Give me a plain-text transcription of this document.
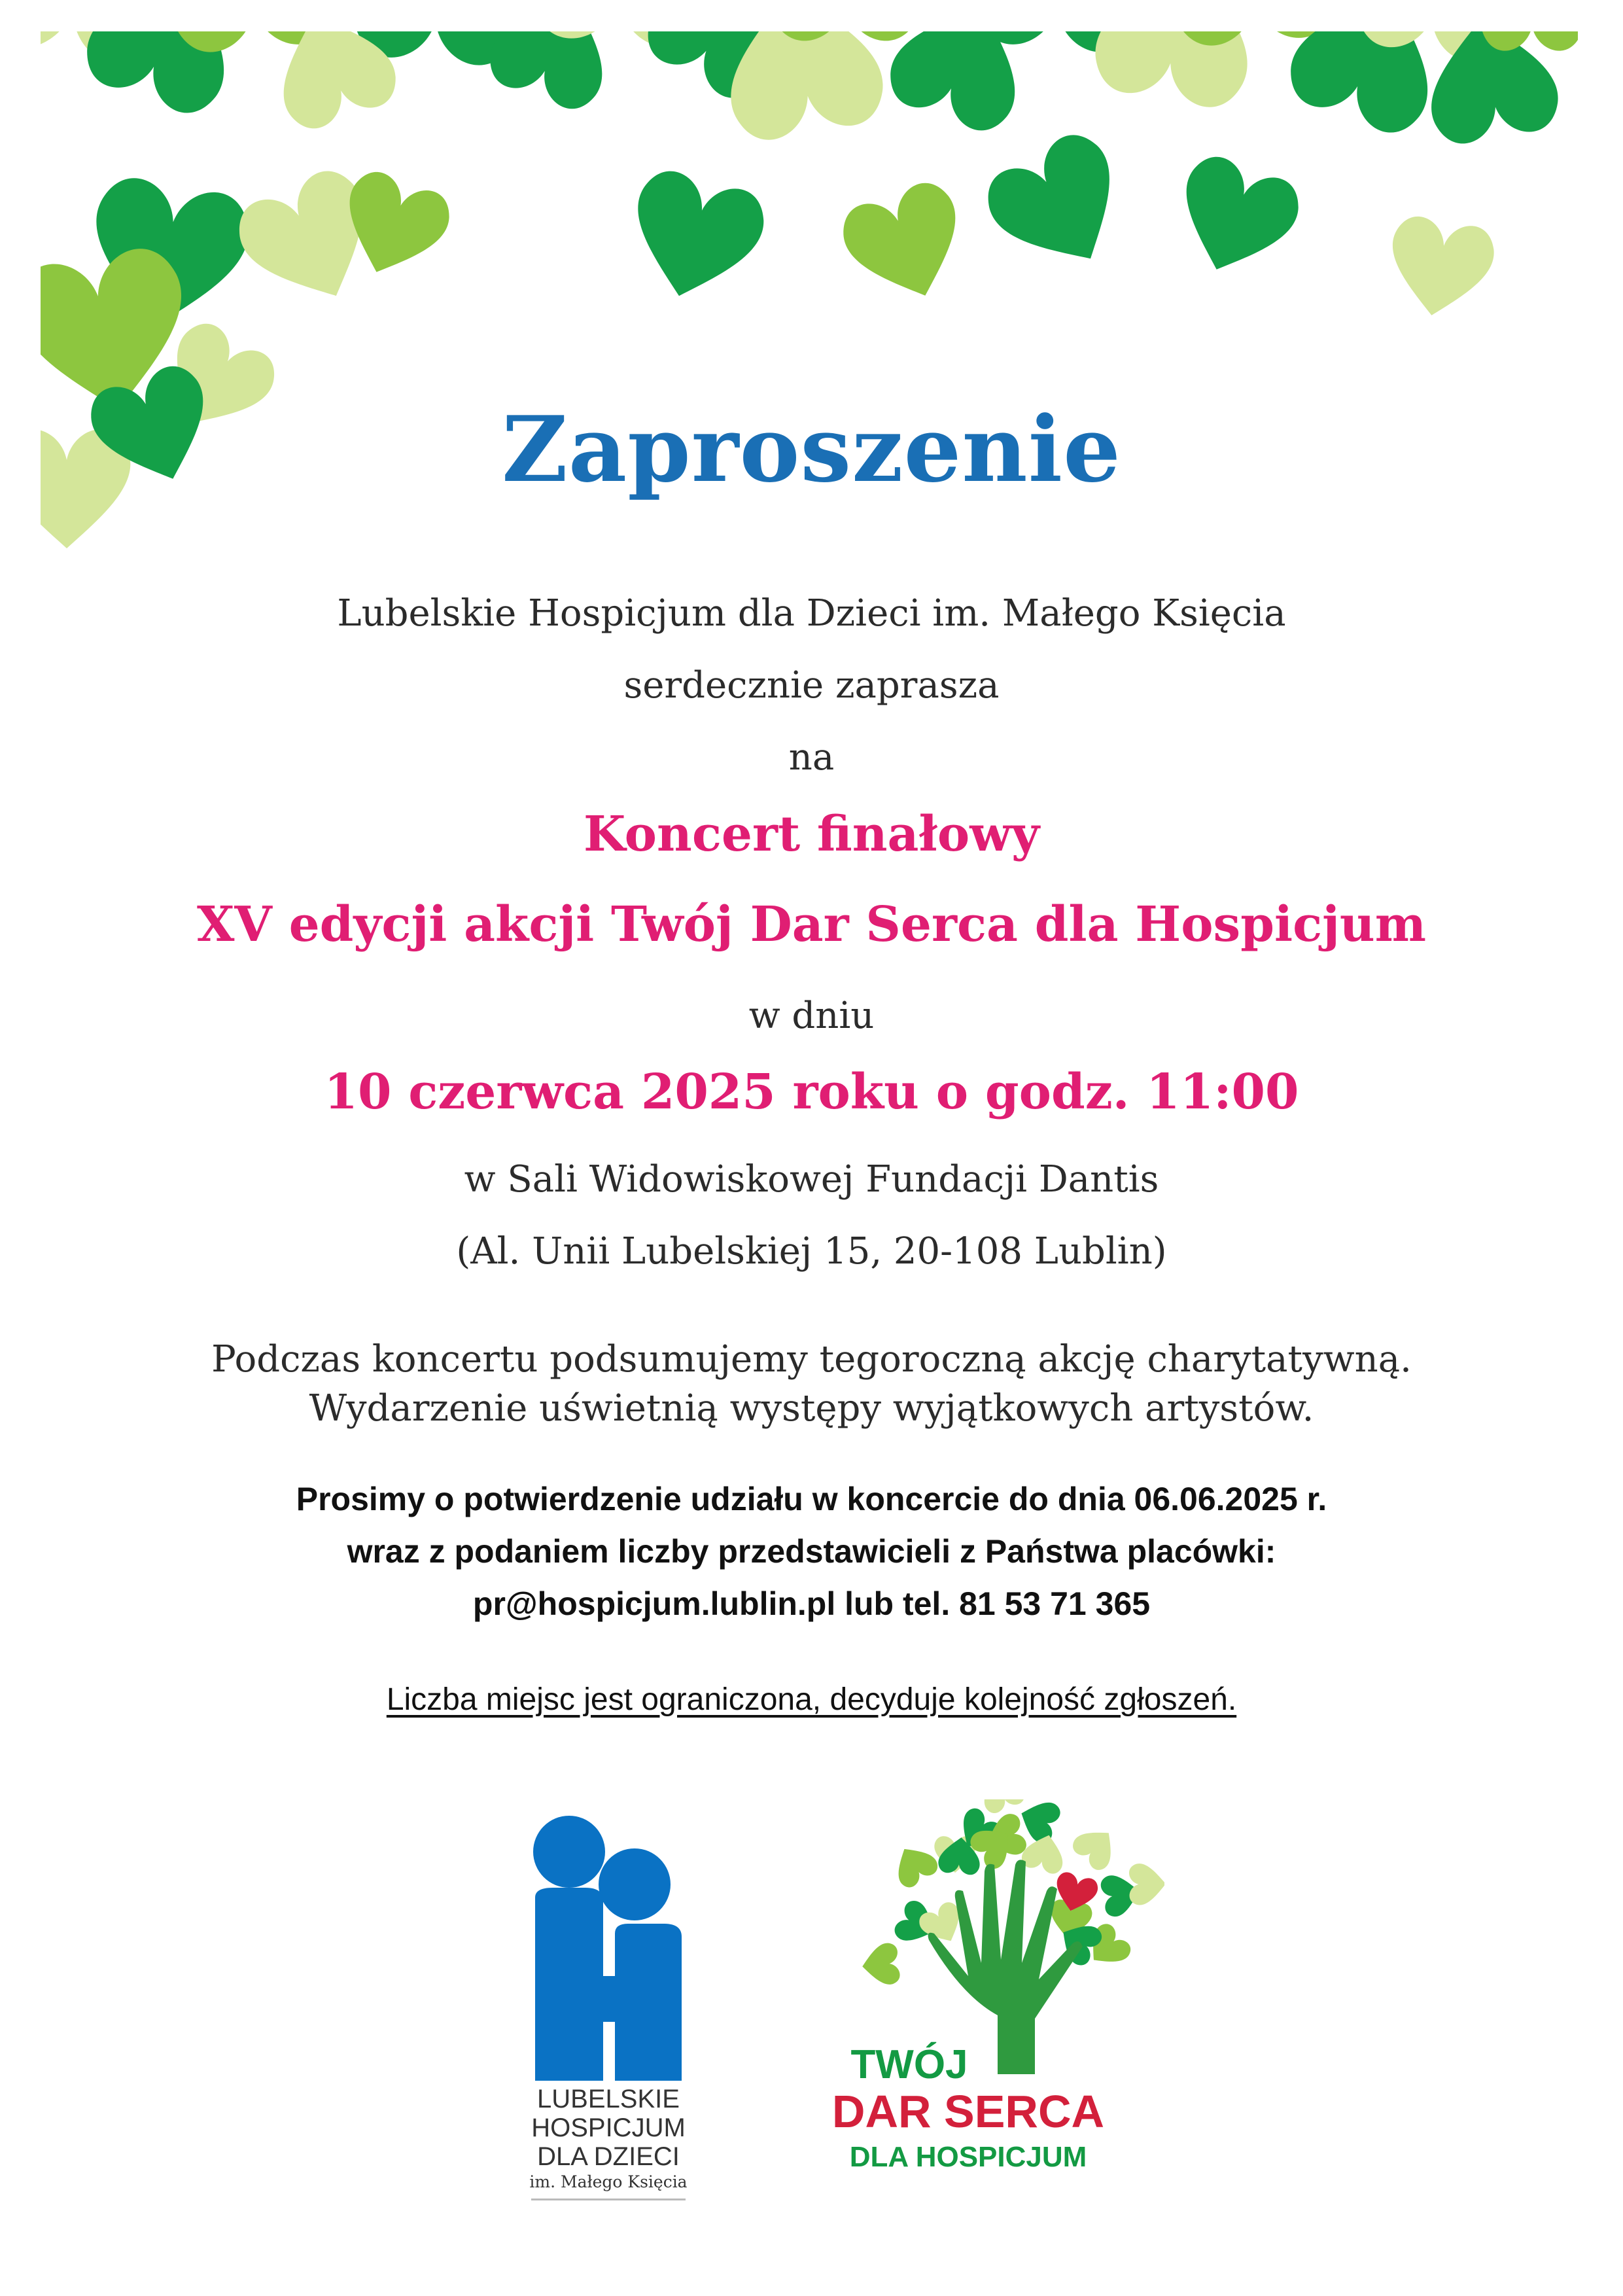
Zaproszenie

Lubelskie Hospicjum dla Dzieci im. Małego Księcia

serdecznie zaprasza

na

Koncert finałowy

XV edycji akcji Twój Dar Serca dla Hospicjum

w dniu

10 czerwca 2025 roku o godz. 11:00

w Sali Widowiskowej Fundacji Dantis

(Al. Unii Lubelskiej 15, 20-108 Lublin)

Podczas koncertu podsumujemy tegoroczną akcję charytatywną.

Wydarzenie uświetnią występy wyjątkowych artystów.

Prosimy o potwierdzenie udziału w koncercie do dnia 06.06.2025 r.

wraz z podaniem liczby przedstawicieli z Państwa placówki:

pr@hospicjum.lublin.pl lub tel. 81 53 71 365

Liczba miejsc jest ograniczona, decyduje kolejność zgłoszeń.

LUBELSKIE

HOSPICJUM

DLA DZIECI

im. Małego Księcia

TWÓJ

DAR SERCA

DLA HOSPICJUM
